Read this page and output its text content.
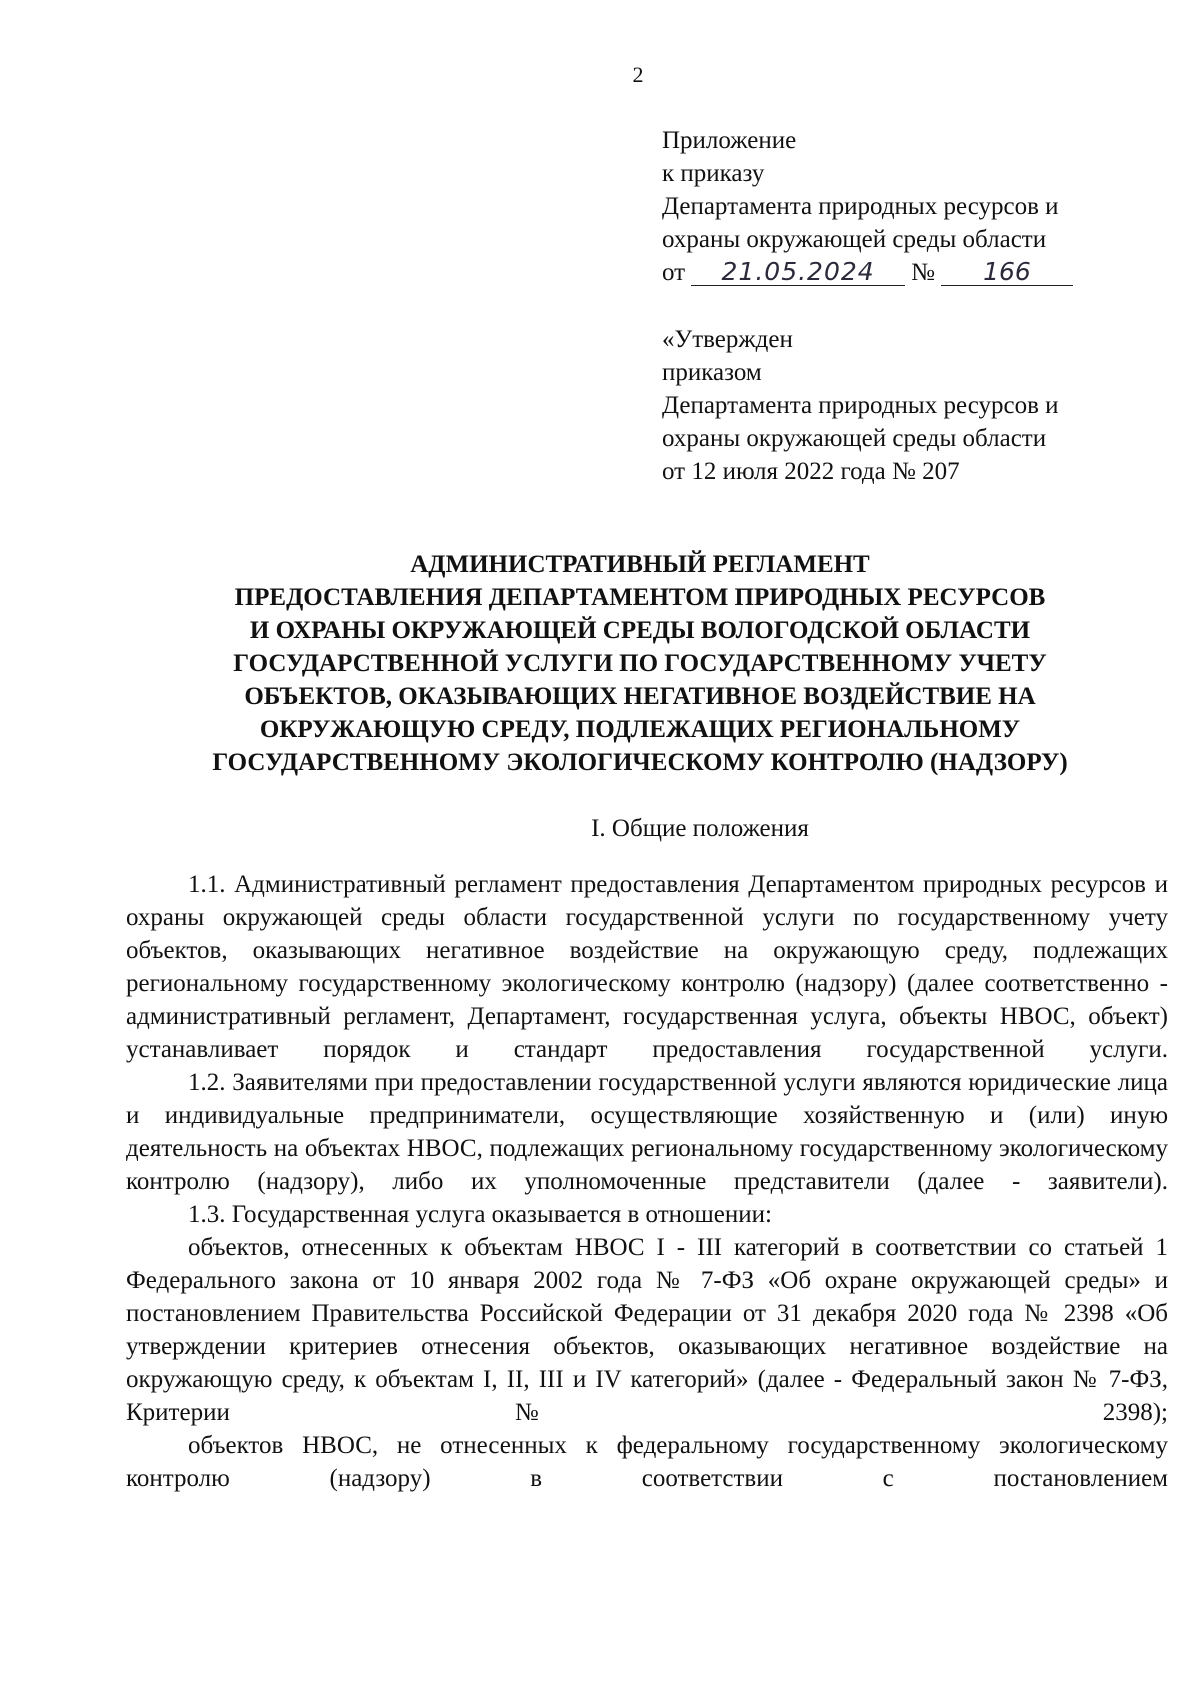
2
Приложение
к приказу
Департамента природных ресурсов и
охраны окружающей среды области
от 21.05.2024 № 166
«Утвержден
приказом
Департамента природных ресурсов и
охраны окружающей среды области
от 12 июля 2022 года № 207
АДМИНИСТРАТИВНЫЙ РЕГЛАМЕНТ
ПРЕДОСТАВЛЕНИЯ ДЕПАРТАМЕНТОМ ПРИРОДНЫХ РЕСУРСОВ
И ОХРАНЫ ОКРУЖАЮЩЕЙ СРЕДЫ ВОЛОГОДСКОЙ ОБЛАСТИ
ГОСУДАРСТВЕННОЙ УСЛУГИ ПО ГОСУДАРСТВЕННОМУ УЧЕТУ
ОБЪЕКТОВ, ОКАЗЫВАЮЩИХ НЕГАТИВНОЕ ВОЗДЕЙСТВИЕ НА
ОКРУЖАЮЩУЮ СРЕДУ, ПОДЛЕЖАЩИХ РЕГИОНАЛЬНОМУ
ГОСУДАРСТВЕННОМУ ЭКОЛОГИЧЕСКОМУ КОНТРОЛЮ (НАДЗОРУ)
I. Общие положения

1.1. Административный регламент предоставления Департаментом природных ресурсов и охраны окружающей среды области государственной услуги по государственному учету объектов, оказывающих негативное воздействие на окружающую среду, подлежащих региональному государственному экологическому контролю (надзору) (далее соответственно - административный регламент, Департамент, государственная услуга, объекты НВОС, объект) устанавливает порядок и стандарт предоставления государственной услуги.

1.2. Заявителями при предоставлении государственной услуги являются юридические лица и индивидуальные предприниматели, осуществляющие хозяйственную и (или) иную деятельность на объектах НВОС, подлежащих региональному государственному экологическому контролю (надзору), либо их уполномоченные представители (далее - заявители).

1.3. Государственная услуга оказывается в отношении:

объектов, отнесенных к объектам НВОС I - III категорий в соответствии со статьей 1 Федерального закона от 10 января 2002 года № 7-ФЗ «Об охране окружающей среды» и постановлением Правительства Российской Федерации от 31 декабря 2020 года № 2398 «Об утверждении критериев отнесения объектов, оказывающих негативное воздействие на окружающую среду, к объектам I, II, III и IV категорий» (далее - Федеральный закон № 7-ФЗ, Критерии № 2398);

объектов НВОС, не отнесенных к федеральному государственному экологическому контролю (надзору) в соответствии с постановлением
